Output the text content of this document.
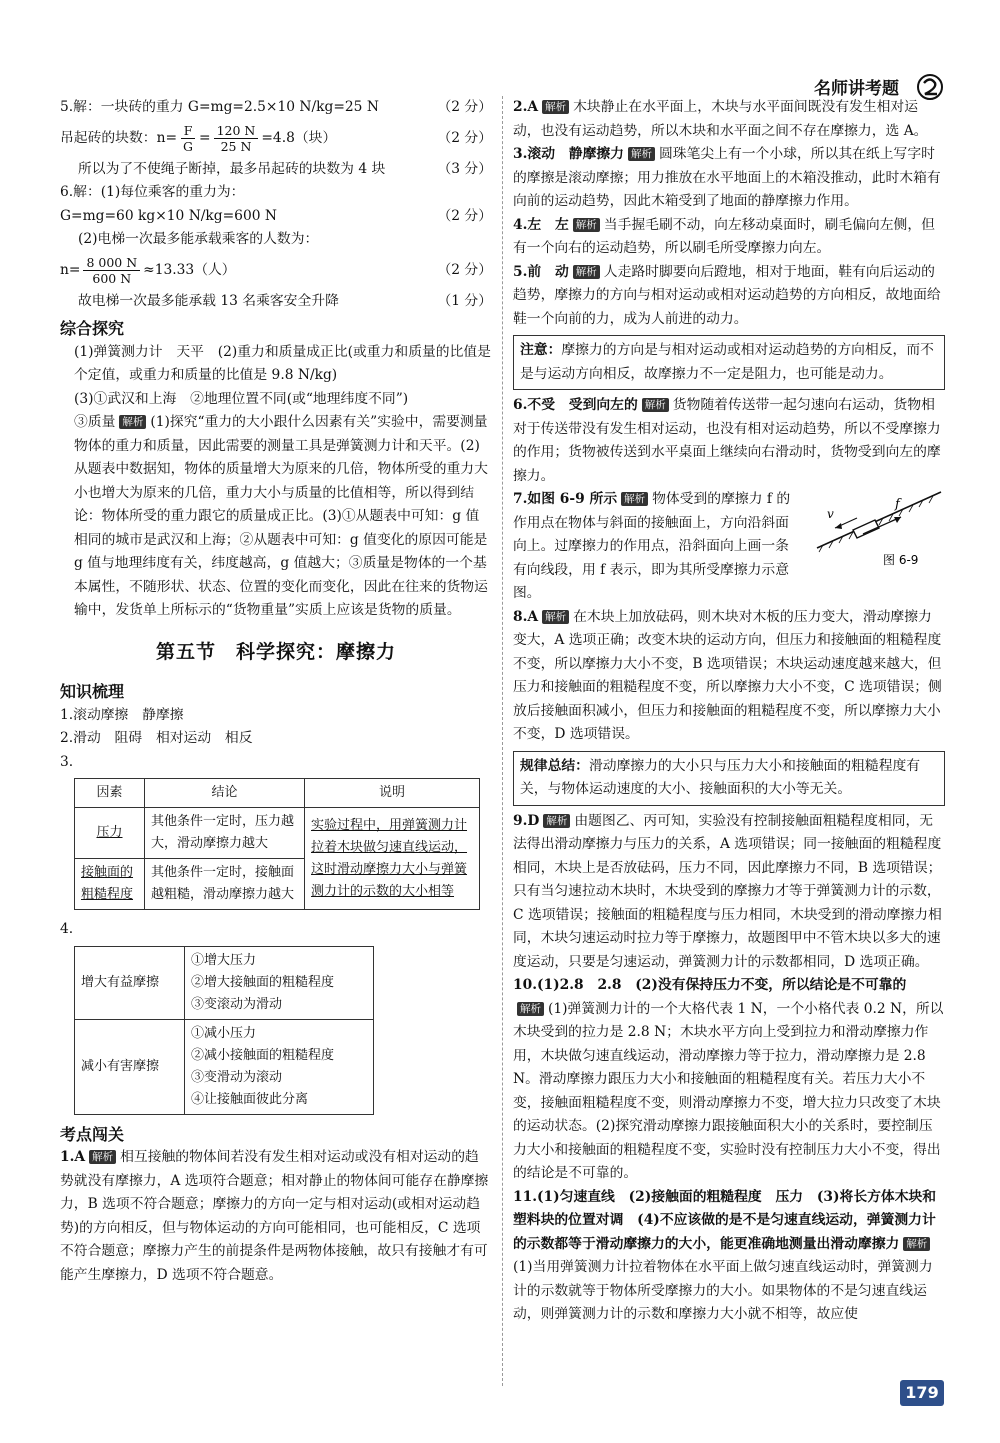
名师讲考题

5.解：一块砖的重力 G=mg=2.5×10 N/kg=25 N	（2 分）

吊起砖的块数：$n= \frac{F}{G} = \frac{120 N}{25 N} =4.8$（块）	（2 分）

所以为了不使绳子断掉，最多吊起砖的块数为 4 块	（3 分）

6.解：(1)每位乘客的重力为：

G=mg=60 kg×10 N/kg=600 N	（2 分）

(2)电梯一次最多能承载乘客的人数为：

$n= \frac{8 000 N}{600 N} \approx 13.33$（人）	（2 分）

故电梯一次最多能承载 13 名乘客安全升降	（1 分）

综合探究

(1)弹簧测力计　天平　(2)重力和质量成正比(或重力和质量的比值是个定值，或重力和质量的比值是 9.8 N/kg)

(3)①武汉和上海　②地理位置不同(或“地理纬度不同”)

③质量 解析 (1)探究“重力的大小跟什么因素有关”实验中，需要测量物体的重力和质量，因此需要的测量工具是弹簧测力计和天平。(2)从题表中数据知，物体的质量增大为原来的几倍，物体所受的重力大小也增大为原来的几倍，重力大小与质量的比值相等，所以得到结论：物体所受的重力跟它的质量成正比。(3)①从题表中可知：g 值相同的城市是武汉和上海；②从题表中可知：g 值变化的原因可能是 g 值与地理纬度有关，纬度越高，g 值越大；③质量是物体的一个基本属性，不随形状、状态、位置的变化而变化，因此在往来的货物运输中，发货单上所标示的“货物重量”实质上应该是货物的质量。

第五节　科学探究：摩擦力

知识梳理

1.滚动摩擦　静摩擦

2.滑动　阻碍　相对运动　相反

3.

因素	结论	说明
压力	其他条件一定时，压力越大，滑动摩擦力越大	实验过程中，用弹簧测力计拉着木块做匀速直线运动，这时滑动摩擦力大小与弹簧测力计的示数的大小相等
接触面的粗糙程度	其他条件一定时，接触面越粗糙，滑动摩擦力越大	

4.

增大有益摩擦	①增大压力
②增大接触面的粗糙程度
③变滚动为滑动

减小有害摩擦	①减小压力
②减小接触面的粗糙程度
③变滑动为滚动
④让接触面彼此分离

考点闯关

1.A 解析 相互接触的物体间若没有发生相对运动或没有相对运动的趋势就没有摩擦力，A 选项符合题意；相对静止的物体间可能存在静摩擦力，B 选项不符合题意；摩擦力的方向一定与相对运动(或相对运动趋势)的方向相反，但与物体运动的方向可能相同，也可能相反，C 选项不符合题意；摩擦力产生的前提条件是两物体接触，故只有接触才有可能产生摩擦力，D 选项不符合题意。

2.A 解析 木块静止在水平面上，木块与水平面间既没有发生相对运动，也没有运动趋势，所以木块和水平面之间不存在摩擦力，选 A。

3.滚动　静摩擦力 解析 圆珠笔尖上有一个小球，所以其在纸上写字时的摩擦是滚动摩擦；用力推放在水平地面上的木箱没推动，此时木箱有向前的运动趋势，因此木箱受到了地面的静摩擦力作用。

4.左　左 解析 当手握毛刷不动，向左移动桌面时，刷毛偏向左侧，但有一个向右的运动趋势，所以刷毛所受摩擦力向左。

5.前　动 解析 人走路时脚要向后蹬地，相对于地面，鞋有向后运动的趋势，摩擦力的方向与相对运动或相对运动趋势的方向相反，故地面给鞋一个向前的力，成为人前进的动力。

注意：摩擦力的方向是与相对运动或相对运动趋势的方向相反，而不是与运动方向相反，故摩擦力不一定是阻力，也可能是动力。

6.不受　受到向左的 解析 货物随着传送带一起匀速向右运动，货物相对于传送带没有发生相对运动，也没有相对运动趋势，所以不受摩擦力的作用；货物被传送到水平桌面上继续向右滑动时，货物受到向左的摩擦力。

7.如图 6-9 所示 解析 物体受到的摩擦力 f 的作用点在物体与斜面的接触面上，方向沿斜面向上。过摩擦力的作用点，沿斜面向上画一条有向线段，用 f 表示，即为其所受摩擦力示意图。
v
f
图 6-9

8.A 解析 在木块上加放砝码，则木块对木板的压力变大，滑动摩擦力变大，A 选项正确；改变木块的运动方向，但压力和接触面的粗糙程度不变，所以摩擦力大小不变，B 选项错误；木块运动速度越来越大，但压力和接触面的粗糙程度不变，所以摩擦力大小不变，C 选项错误；侧放后接触面积减小，但压力和接触面的粗糙程度不变，所以摩擦力大小不变，D 选项错误。

规律总结：滑动摩擦力的大小只与压力大小和接触面的粗糙程度有关，与物体运动速度的大小、接触面积的大小等无关。

9.D 解析 由题图乙、丙可知，实验没有控制接触面粗糙程度相同，无法得出滑动摩擦力与压力的关系，A 选项错误；同一接触面的粗糙程度相同，木块上是否放砝码，压力不同，因此摩擦力不同，B 选项错误；只有当匀速拉动木块时，木块受到的摩擦力才等于弹簧测力计的示数，C 选项错误；接触面的粗糙程度与压力相同，木块受到的滑动摩擦力相同，木块匀速运动时拉力等于摩擦力，故题图甲中不管木块以多大的速度运动，只要是匀速运动，弹簧测力计的示数都相同，D 选项正确。

10.(1)2.8　2.8　(2)没有保持压力不变，所以结论是不可靠的
解析 (1)弹簧测力计的一个大格代表 1 N，一个小格代表 0.2 N，所以木块受到的拉力是 2.8 N；木块水平方向上受到拉力和滑动摩擦力作用，木块做匀速直线运动，滑动摩擦力等于拉力，滑动摩擦力是 2.8 N。滑动摩擦力跟压力大小和接触面的粗糙程度有关。若压力大小不变，接触面粗糙程度不变，则滑动摩擦力不变，增大拉力只改变了木块的运动状态。(2)探究滑动摩擦力跟接触面积大小的关系时，要控制压力大小和接触面的粗糙程度不变，实验时没有控制压力大小不变，得出的结论是不可靠的。

11.(1)匀速直线　(2)接触面的粗糙程度　压力　(3)将长方体木块和塑料块的位置对调　(4)不应该做的是不是匀速直线运动，弹簧测力计的示数都等于滑动摩擦力的大小，能更准确地测量出滑动摩擦力 解析(1)当用弹簧测力计拉着物体在水平面上做匀速直线运动时，弹簧测力计的示数就等于物体所受摩擦力的大小。如果物体的不是匀速直线运动，则弹簧测力计的示数和摩擦力大小就不相等，故应使

179
